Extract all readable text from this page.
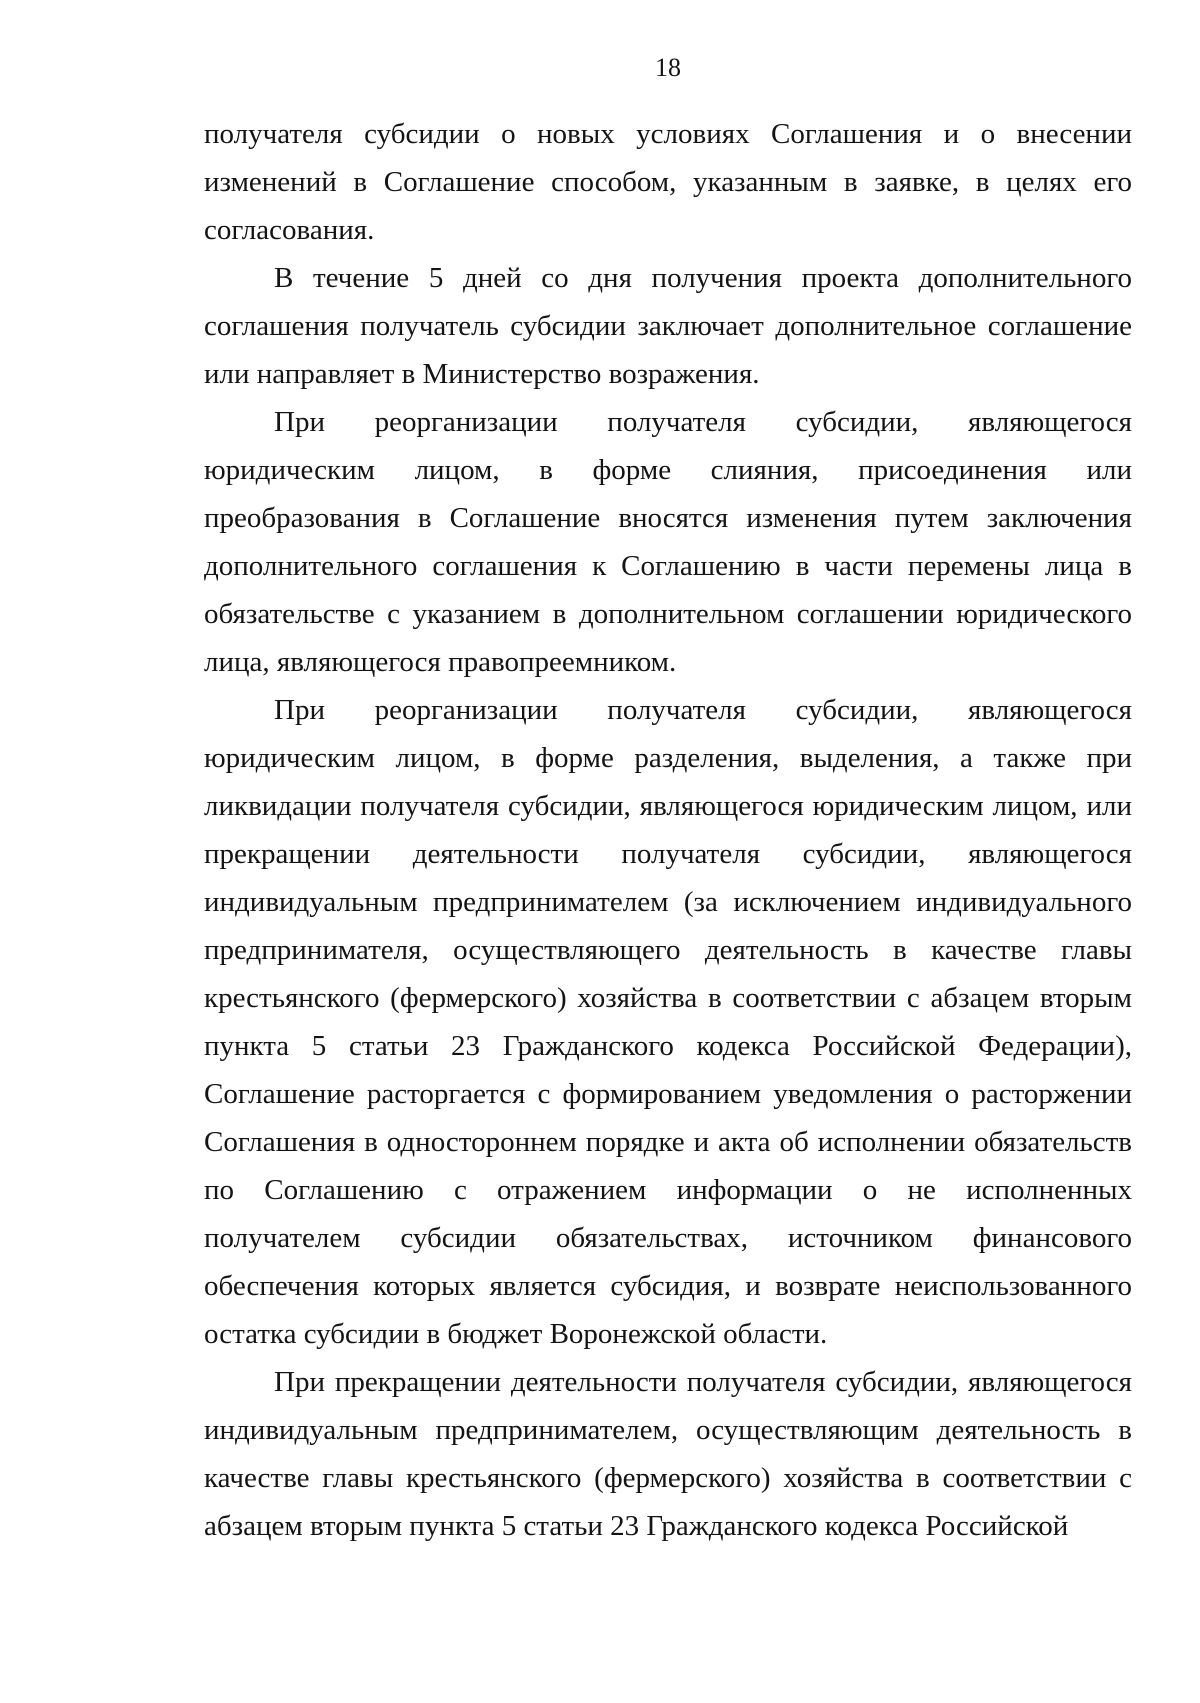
18

получателя субсидии о новых условиях Соглашения и о внесении изменений в Соглашение способом, указанным в заявке, в целях его согласования.

В течение 5 дней со дня получения проекта дополнительного соглашения получатель субсидии заключает дополнительное соглашение или направляет в Министерство возражения.

При реорганизации получателя субсидии, являющегося юридическим лицом, в форме слияния, присоединения или преобразования в Соглашение вносятся изменения путем заключения дополнительного соглашения к Соглашению в части перемены лица в обязательстве с указанием в дополнительном соглашении юридического лица, являющегося правопреемником.

При реорганизации получателя субсидии, являющегося юридическим лицом, в форме разделения, выделения, а также при ликвидации получателя субсидии, являющегося юридическим лицом, или прекращении деятельности получателя субсидии, являющегося индивидуальным предпринимателем (за исключением индивидуального предпринимателя, осуществляющего деятельность в качестве главы крестьянского (фермерского) хозяйства в соответствии с абзацем вторым пункта 5 статьи 23 Гражданского кодекса Российской Федерации), Соглашение расторгается с формированием уведомления о расторжении Соглашения в одностороннем порядке и акта об исполнении обязательств по Соглашению с отражением информации о не исполненных получателем субсидии обязательствах, источником финансового обеспечения которых является субсидия, и возврате неиспользованного остатка субсидии в бюджет Воронежской области.

При прекращении деятельности получателя субсидии, являющегося индивидуальным предпринимателем, осуществляющим деятельность в качестве главы крестьянского (фермерского) хозяйства в соответствии с абзацем вторым пункта 5 статьи 23 Гражданского кодекса Российской
